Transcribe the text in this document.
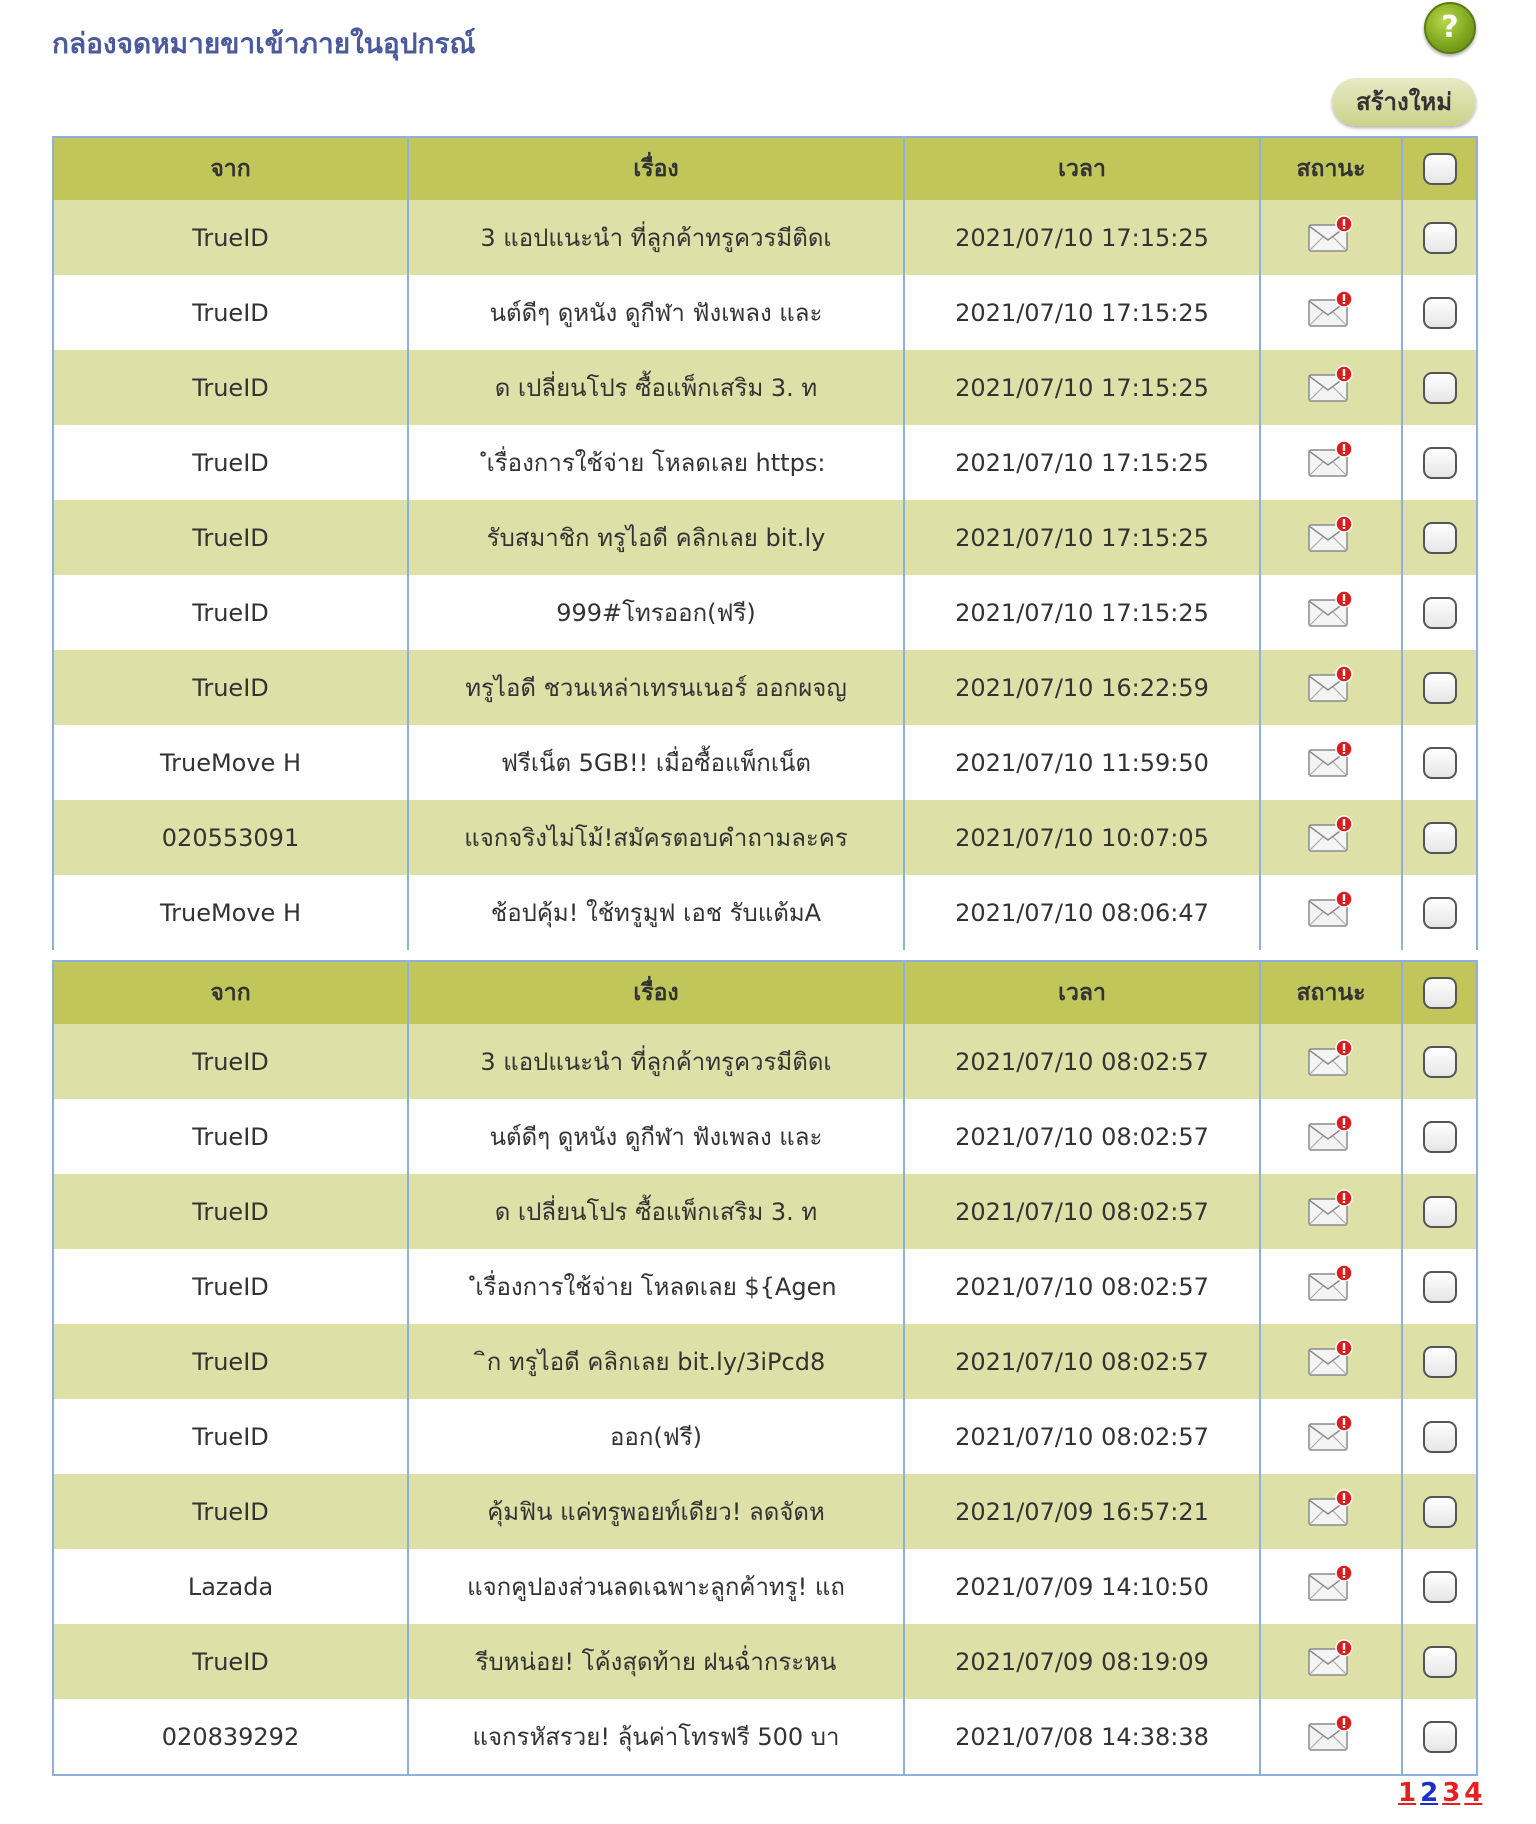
กล่องจดหมายขาเข้าภายในอุปกรณ์	?
สร้างใหม่
จาก	เรื่อง	เวลา	สถานะ	
TrueID	3 แอปแนะนำ ที่ลูกค้าทรูควรมีติดเ	2021/07/10 17:15:25		
TrueID	นต์ดีๆ ดูหนัง ดูกีฬา ฟังเพลง และ	2021/07/10 17:15:25		
TrueID	ด เปลี่ยนโปร ซื้อแพ็กเสริม 3. ท	2021/07/10 17:15:25		
TrueID	ํเรื่องการใช้จ่าย โหลดเลย https:	2021/07/10 17:15:25		
TrueID	รับสมาชิก ทรูไอดี คลิกเลย bit.ly	2021/07/10 17:15:25		
TrueID	999#โทรออก(ฟรี)	2021/07/10 17:15:25		
TrueID	ทรูไอดี ชวนเหล่าเทรนเนอร์ ออกผจญ	2021/07/10 16:22:59		
TrueMove H	ฟรีเน็ต 5GB!! เมื่อซื้อแพ็กเน็ต	2021/07/10 11:59:50		
020553091	แจกจริงไม่โม้!สมัครตอบคำถามละคร	2021/07/10 10:07:05		
TrueMove H	ช้อปคุ้ม! ใช้ทรูมูฟ เอช รับแต้มA	2021/07/10 08:06:47		
จาก	เรื่อง	เวลา	สถานะ	
TrueID	3 แอปแนะนำ ที่ลูกค้าทรูควรมีติดเ	2021/07/10 08:02:57		
TrueID	นต์ดีๆ ดูหนัง ดูกีฬา ฟังเพลง และ	2021/07/10 08:02:57		
TrueID	ด เปลี่ยนโปร ซื้อแพ็กเสริม 3. ท	2021/07/10 08:02:57		
TrueID	ํเรื่องการใช้จ่าย โหลดเลย ${Agen	2021/07/10 08:02:57		
TrueID	ิก ทรูไอดี คลิกเลย bit.ly/3iPcd8	2021/07/10 08:02:57		
TrueID	ออก(ฟรี)	2021/07/10 08:02:57		
TrueID	คุ้มฟิน แค่ทรูพอยท์เดียว! ลดจัดห	2021/07/09 16:57:21		
Lazada	แจกคูปองส่วนลดเฉพาะลูกค้าทรู! แถ	2021/07/09 14:10:50		
TrueID	รีบหน่อย! โค้งสุดท้าย ฝนฉ่ำกระหน	2021/07/09 08:19:09		
020839292	แจกรหัสรวย! ลุ้นค่าโทรฟรี 500 บา	2021/07/08 14:38:38		
1 2 3 4
